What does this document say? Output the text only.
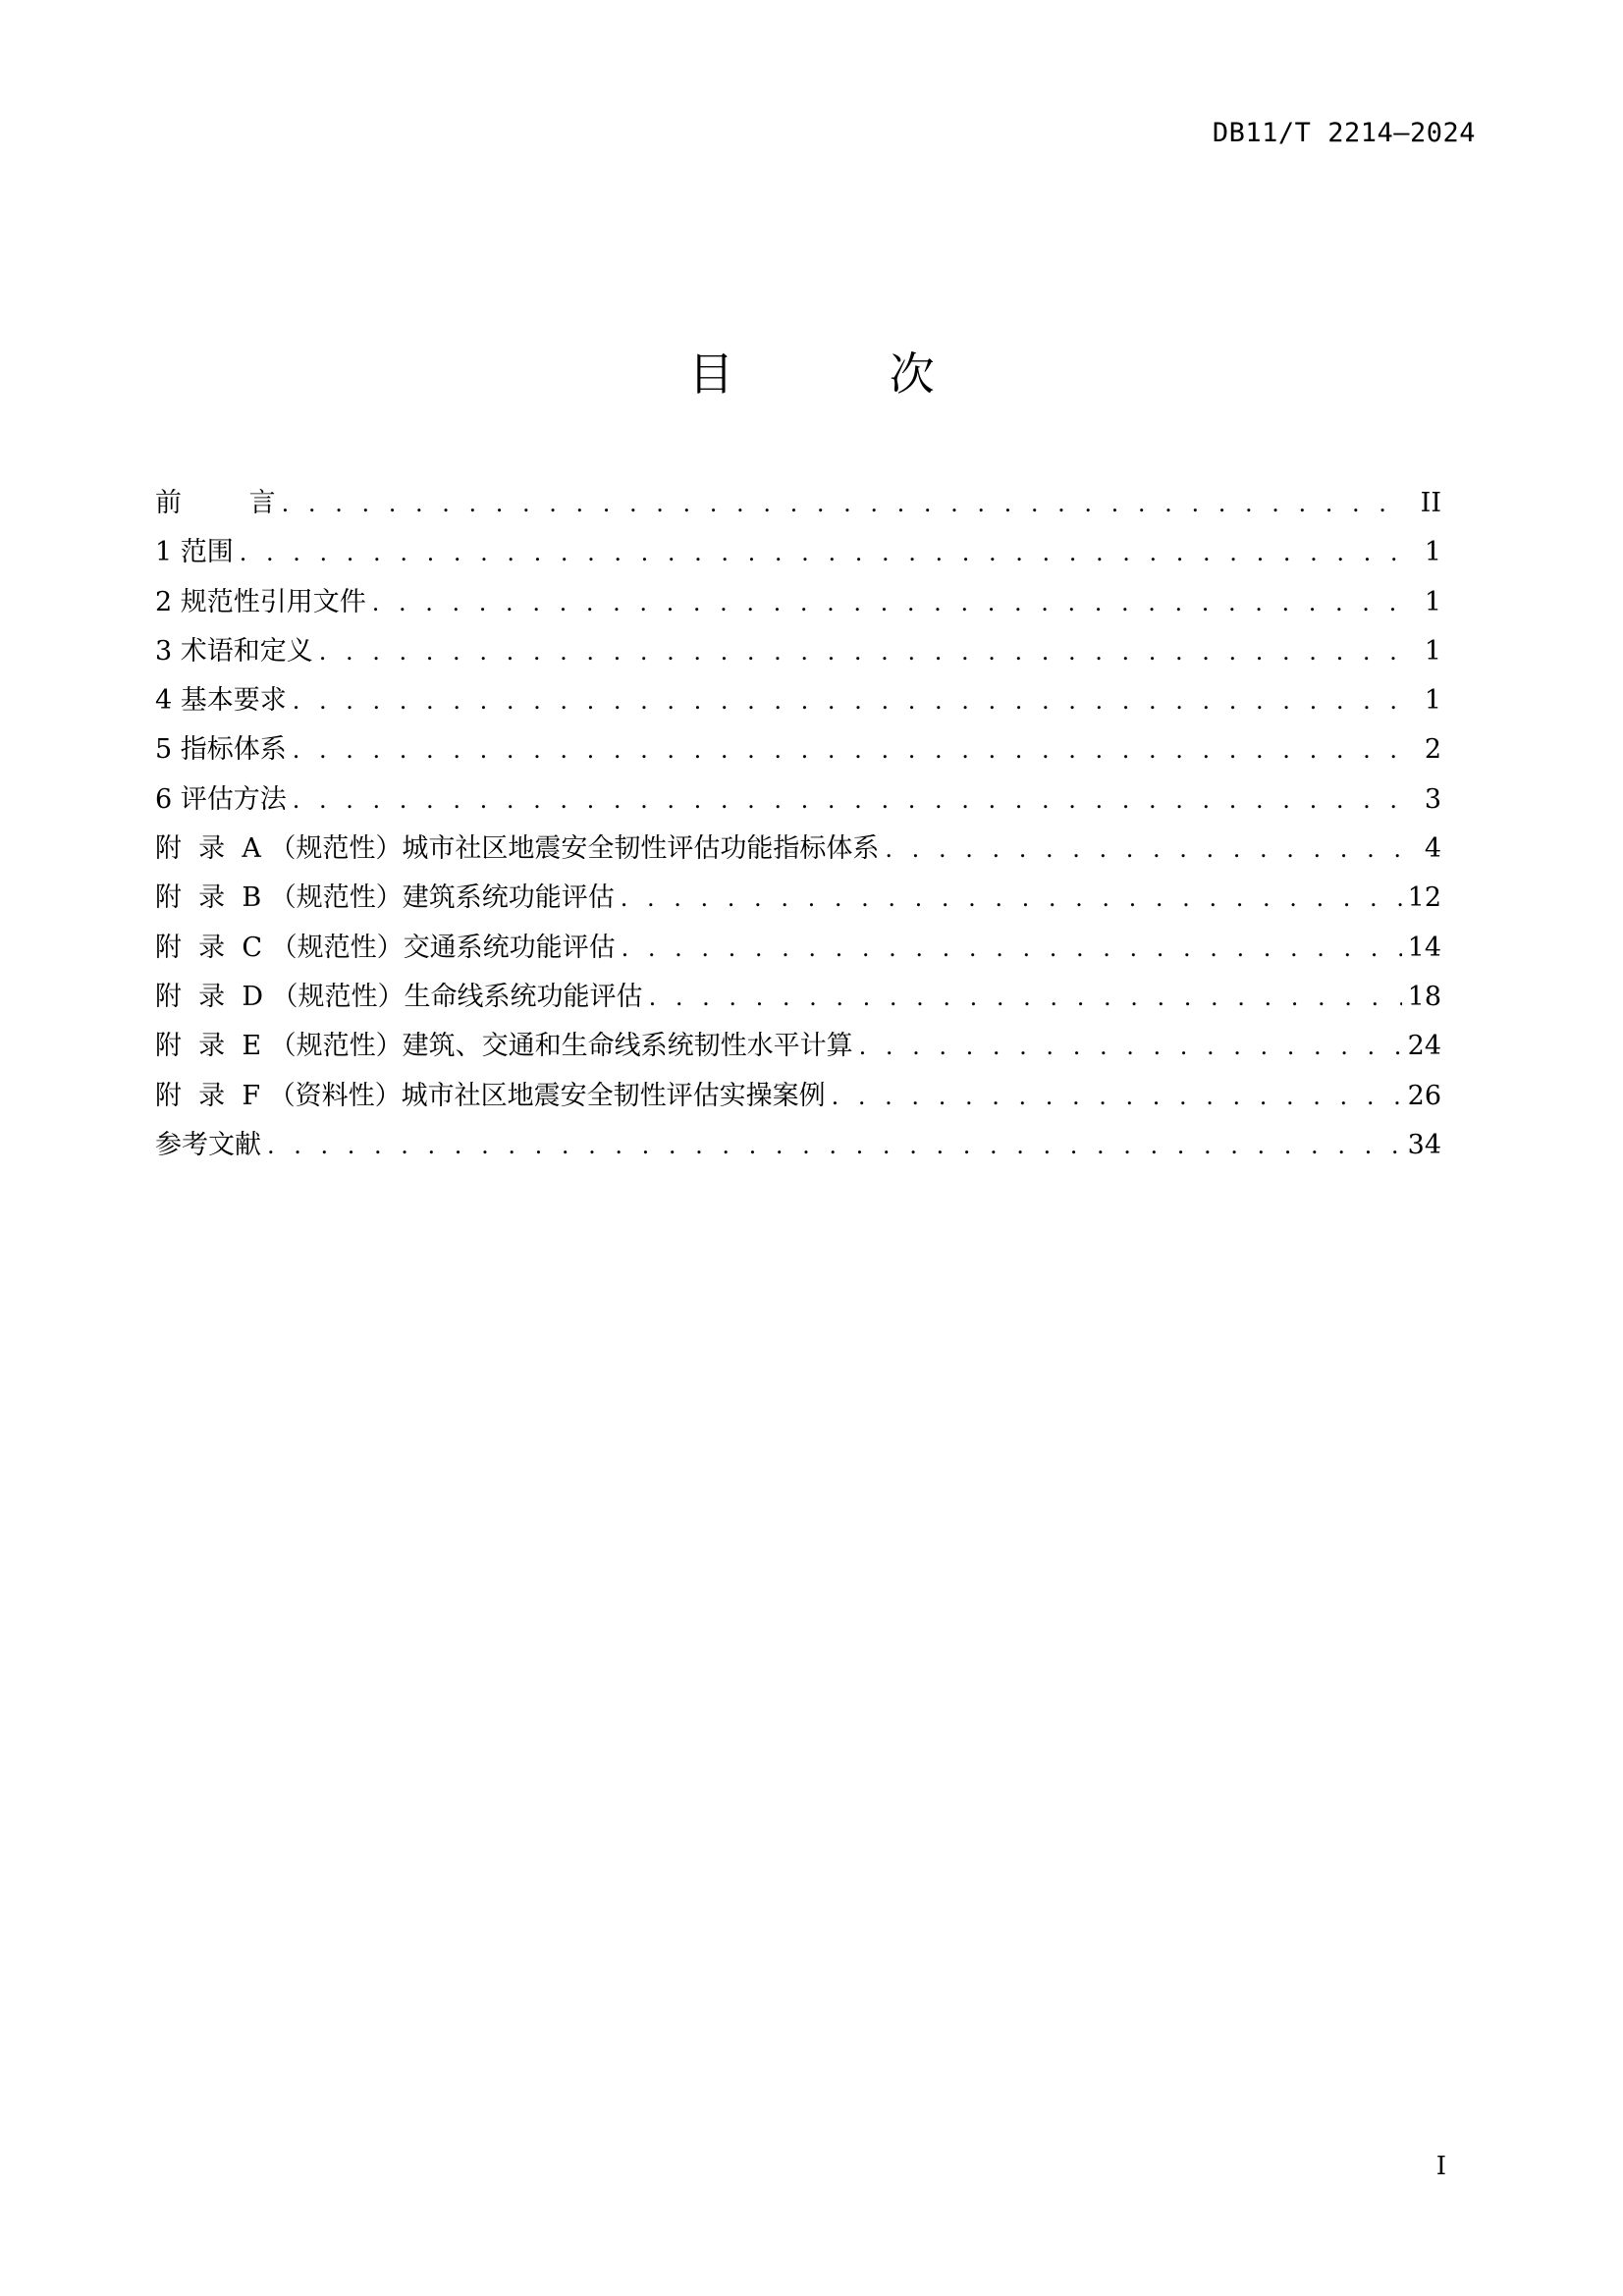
DB11/T 2214—2024
目 次
前        言 . . .	II
1 范围 . . .	1
2 规范性引用文件 . . .	1
3 术语和定义 . . .	1
4 基本要求 . . .	1
5 指标体系 . . .	2
6 评估方法 . . .	3
附  录  A （规范性）城市社区地震安全韧性评估功能指标体系 . . .	4
附  录  B （规范性）建筑系统功能评估 . . .	12
附  录  C （规范性）交通系统功能评估 . . .	14
附  录  D （规范性）生命线系统功能评估 . . .	18
附  录  E （规范性）建筑、交通和生命线系统韧性水平计算 . . .	24
附  录  F （资料性）城市社区地震安全韧性评估实操案例 . . .	26
参考文献 . . .	34
I
